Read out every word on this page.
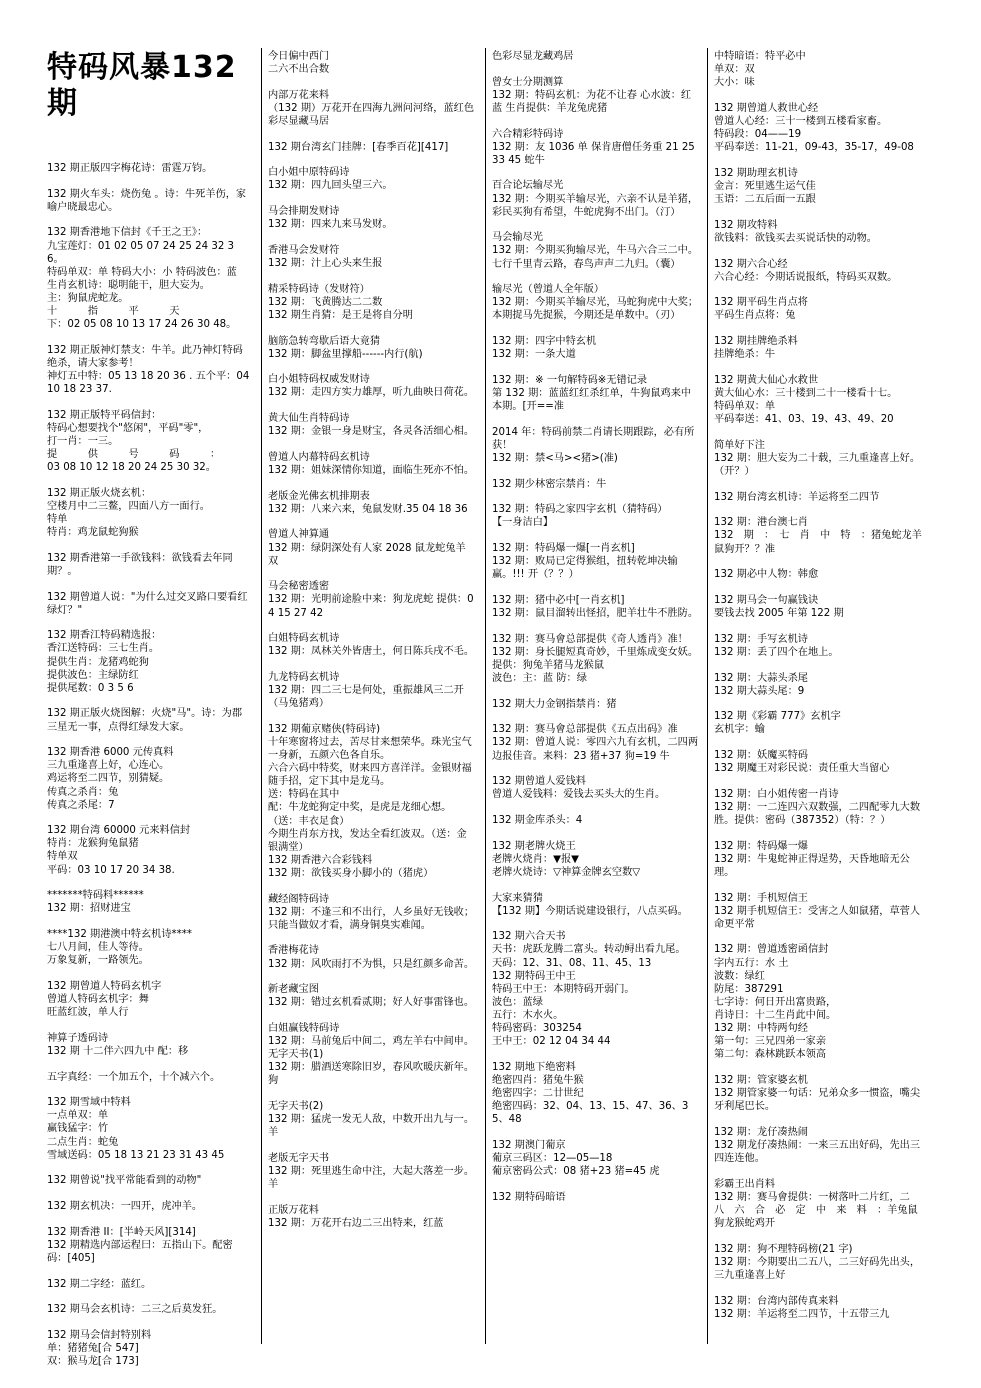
特码风暴132 期
132 期正版四字梅花诗：雷霆万钧。
132 期火车头：烧伤兔 。诗：牛死羊伤，家喻户晓最忠心。
132 期香港地下信封《千王之王》：
九宝莲灯：01 02 05 07 24 25 24 32 36。
特码单双：单 特码大小：小 特码波色：蓝
生肖玄机诗：聪明能干，胆大妄为。
主：狗鼠虎蛇龙。
十　　　指　　　平　　　天
下：02 05 08 10 13 17 24 26 30 48。
132 期正版神灯禁支：牛羊。此乃神灯特码绝杀，请大家参考！
神灯五中特：05 13 18 20 36 . 五个平：04 10 18 23 37.
132 期正版特平码信封：
特码心想要找个"悠闲"，平码"零"，
打一肖：一三。
提　　　供　　　号　　　码　　　：
03 08 10 12 18 20 24 25 30 32。
132 期正版火烧玄机：
空楼月中二三鳌，四面八方一面行。
特单
特肖：鸡龙鼠蛇狗猴
132 期香港第一手欲钱料：欲钱看去年同期？。
132 期曾道人说："为什么过交叉路口要看红绿灯？"
132 期香江特码精选报：
香江送特码：三七生肖。
提供生肖：龙猪鸡蛇狗
提供波色：主绿防红
提供尾数：0 3 5 6
132 期正版火烧图解：火烧"马"。诗：为郡三星无一事，点得红绿发大家。
132 期香港 6000 元传真料
三九重逢喜上好，心连心。
鸡运将至二四节，别猜疑。
传真之杀肖：兔
传真之杀尾：7
132 期台湾 60000 元来料信封
特肖：龙猴狗兔鼠猪
特单双
平码：03 10 17 20 34 38.
*******特码料******
132 期：招财进宝
****132 期港澳中特玄机诗****
七八月间，佳人等待。
万象复新，一路领先。
132 期曾道人特码玄机字
曾道人特码玄机字：舞
旺蓝红波，单人行
神算子透码诗
132 期 十二伴六四九中 配：移
五字真经：一个加五个，十个减六个。
132 期雪域中特料
一点单双：单
赢钱猛字：竹
二点生肖：蛇兔
雪域送码：05 18 13 21 23 31 43 45
132 期曾说"找平常能看到的动物"
132 期玄机决：一四开，虎冲羊。
132 期香港 II：[半岭天风][314]
132 期精选内部运程曰：五指山下。配密码：[405]
132 期二字经：蓝红。
132 期马会玄机诗：二三之后莫发狂。
132 期马会信封特别料
单：猪猪兔[合 547]
双：猴马龙[合 173]
今日偏中西门
二六不出合数
内部万花来料
（132 期）万花开在四海九洲问河络，蓝红色彩尽显藏马居
132 期台湾玄门挂牌：[春季百花][417]
白小姐中原特码诗
132 期：四九回头望三六。
马会排期发财诗
132 期：四来九来马发财。
香港马会发财符
132 期：汁上心头来生报
精采特码诗（发财符）
132 期：飞黄腾达二二数
132 期生肖猜：是王是将自分明
脑筋急转弯歇后语大竟猜
132 期：脚盆里撑船------内行(航)
白小姐特码权威发财诗
132 期：走四方实力雄厚，听九曲映日荷花。
黄大仙生肖特码诗
132 期：金银一身是财宝，各灵各活细心相。
曾道人内幕特码玄机诗
132 期：姐妹深情你知道，面临生死亦不怕。
老版金光佛玄机排期表
132 期：八来六来，兔鼠发财.35 04 18 36
曾道人神算通
132 期：绿阴深处有人家 2028 鼠龙蛇兔羊 双
马会秘密透密
132 期：光明前途脸中来：狗龙虎蛇 提供：04 15 27 42
白姐特码玄机诗
132 期：凤林关外皆唐土，何日陈兵戌不毛。
九龙特码玄机诗
132 期：四二三七是何处，重振雄风三二开（马兔猪鸡）
132 期葡京赌侠(特码诗)
十年寒窗将过去，苦尽甘来想荣华。珠光宝气一身新，五颜六色各自乐。
六合六码中特奖，财来四方喜洋洋。金银财福随手招，定下其中是龙马。
送：特码在其中
配：牛龙蛇狗定中奖，是虎是龙细心想。（送：丰衣足食）
今期生肖东方找，发达全看红波双。（送：金银满堂）
132 期香港六合彩钱料
132 期：欲钱买身小脚小的（猪虎）
藏经阁特码诗
132 期：不逢三和不出行，人乡虽好无钱收；只能当做奴才看，满身铜臭实难闻。
香港梅花诗
132 期：风吹雨打不为惧，只是红颜多命苦。
新老藏宝图
132 期：错过玄机看贰期；好人好事雷锋也。
白姐赢钱特码诗
132 期：马前兔后中间二，鸡左羊右中间申。
无字天书(1)
132 期：腊酒送寒除旧岁，春风吹暖庆新年。　狗
无字天书(2)
132 期：猛虎一发无人敌，中数开出九与一。羊
老版无字天书
132 期：死里逃生命中注，大起大落差一步。羊
正版万花料
132 期：万花开右边二三出特来，红蓝
色彩尽显龙藏鸡居
曾女士分期测算
132 期：特码玄机：为花不让春 心水波：红蓝 生肖提供：羊龙兔虎猪
六合精彩特码诗
132 期：友 1036 单 保肯唐僧任务重 21 25 33 45 蛇牛
百合论坛输尽光
132 期：今期买羊输尽光，六亲不认是羊猪，彩民买狗有希望，牛蛇虎狗不出门。（汀）
马会输尽光
132 期：今期买狗输尽光，牛马六合三二中。七行千里青云路，春鸟声声二九归。（囊）
输尽光（曾道人全年版）
132 期：今期买羊输尽光，马蛇狗虎中大奖；本期捉马先捉猴，今期还是单数中。（刃）
132 期：四字中特玄机
132 期：一条大道
132 期：※ 一句解特码※无错记录
第 132 期：蓝蓝红红杀红单，牛狗鼠鸡来中本期。[开==准
2014 年：特码前禁二肖请长期跟踪，必有所获！
132 期：禁<马><猪>(准)
132 期少林密宗禁肖：牛
132 期：特码之家四字玄机（猜特码）
【一身洁白】
132 期：特码爆一爆[一肖玄机]
132 期：败局已定得猴组，扭转乾坤决输赢。!!! 开（？？）
132 期：猪中必中[一肖玄机]
132 期：鼠目溜转出怪招，肥羊壮牛不胜防。
132 期：赛马會总部提供《奇人透肖》准！
132 期：身长腿短真奇妙，千里炼成变女妖。
提供：狗兔羊猪马龙猴鼠
波色：主：蓝 防：绿
132 期大力金钢指禁肖：猪
132 期：赛马會总部提供《五点出码》准
132 期：曾道人说：零四六九有玄机，二四两边报佳音。来料：23 猪+37 狗=19 牛
132 期曾道人爱钱料
曾道人爱钱料：爱钱去买头大的生肖。
132 期金库杀头：4
132 期老牌火烧王
老牌火烧肖：▼报▼
老牌火烧诗：▽神算金牌玄空数▽
大家来猜猜
【132 期】今期话说建设银行，八点买码。
132 期六合天书
天书：虎跃龙腾二富头。转动鲟出看九尾。
天码：12、31、08、11、45、13
132 期特码王中王
特码王中王：本期特码开弱门。
波色：蓝绿
五行：木水火。
特码密码：303254
王中王：02 12 04 34 44
132 期地下绝密料
绝密四肖：猪兔牛猴
绝密四字：二廿世纪
绝密四码：32、04、13、15、47、36、35、48
132 期澳门葡京
葡京三码区：12—05—18
葡京密码公式：08 猪+23 猪=45 虎
132 期特码暗语
中特暗语：特平必中
单双：双
大小：味
132 期曾道人救世心经
曾道人心经：三十一楼到五楼看家畜。
特码段：04——19
平码奉送：11-21，09-43，35-17，49-08
132 期助理玄机诗
金言：死里逃生运气佳
玉语：二五后面一五跟
132 期攻特料
欲钱料：欲钱买去买说话快的动物。
132 期六合心经
六合心经：今期话说报纸，特码买双数。
132 期平码生肖点将
平码生肖点将：兔
132 期挂牌绝杀料
挂牌绝杀：牛
132 期黄大仙心水救世
黄大仙心水：三十楼到二十一楼看十七。
特码单双：单
平码奉送：41、03、19、43、49、20
简单好下注
132 期：胆大妄为二十载，三九重逢喜上好。（开？）
132 期台湾玄机诗：羊运将至二四节
132 期：港台澳七肖
132　期　：　七　肖　中　特　：猪兔蛇龙羊鼠狗开？？准
132 期必中人物：韩愈
132 期马会一句赢钱诀
要钱去找 2005 年第 122 期
132 期：手写玄机诗
132 期：丢了四个在地上。
132 期：大蒜头杀尾
132 期大蒜头尾：9
132 期《彩霸 777》玄机字
玄机字：蝓
132 期：妖魔买特码
132 期魔王对彩民说：责任重大当留心
132 期：白小姐传密一肖诗
132 期：一二连四六双数强，二四配零九大数胜。提供：密码（387352）（特：？）
132 期：特码爆一爆
132 期：牛鬼蛇神正得逞势，天昏地暗无公理。
132 期：手机短信王
132 期手机短信王：受害之人如鼠猪，草菅人命更平常
132 期：曾道透密函信封
字内五行：水 土
波数：绿红
防尾：387291
七字诗：何日开出富贵路，
肖诗日：十二生肖此中间。
132 期：中特两句经
第一句：三兄四弟一家亲
第二句：森林跳跃本领高
132 期：管家婆玄机
132 期管家婆一句话：兄弟众多一惯盗，嘴尖牙利尾巴长。
132 期：龙仔凑热闹
132 期龙仔凑热闹：一来三五出好码，先出三四连连他。
彩霸王出肖料
132 期：赛马會提供：一树落叶二片红，二　八　六　合　必　定　中　来　料　：羊兔鼠狗龙猴蛇鸡开
132 期：狗不理特码榜(21 字)
132 期：今期要出二五八，二三好码先出头，三九重逢喜上好
132 期：台湾内部传真来料
132 期：羊运将至二四节，十五带三九
